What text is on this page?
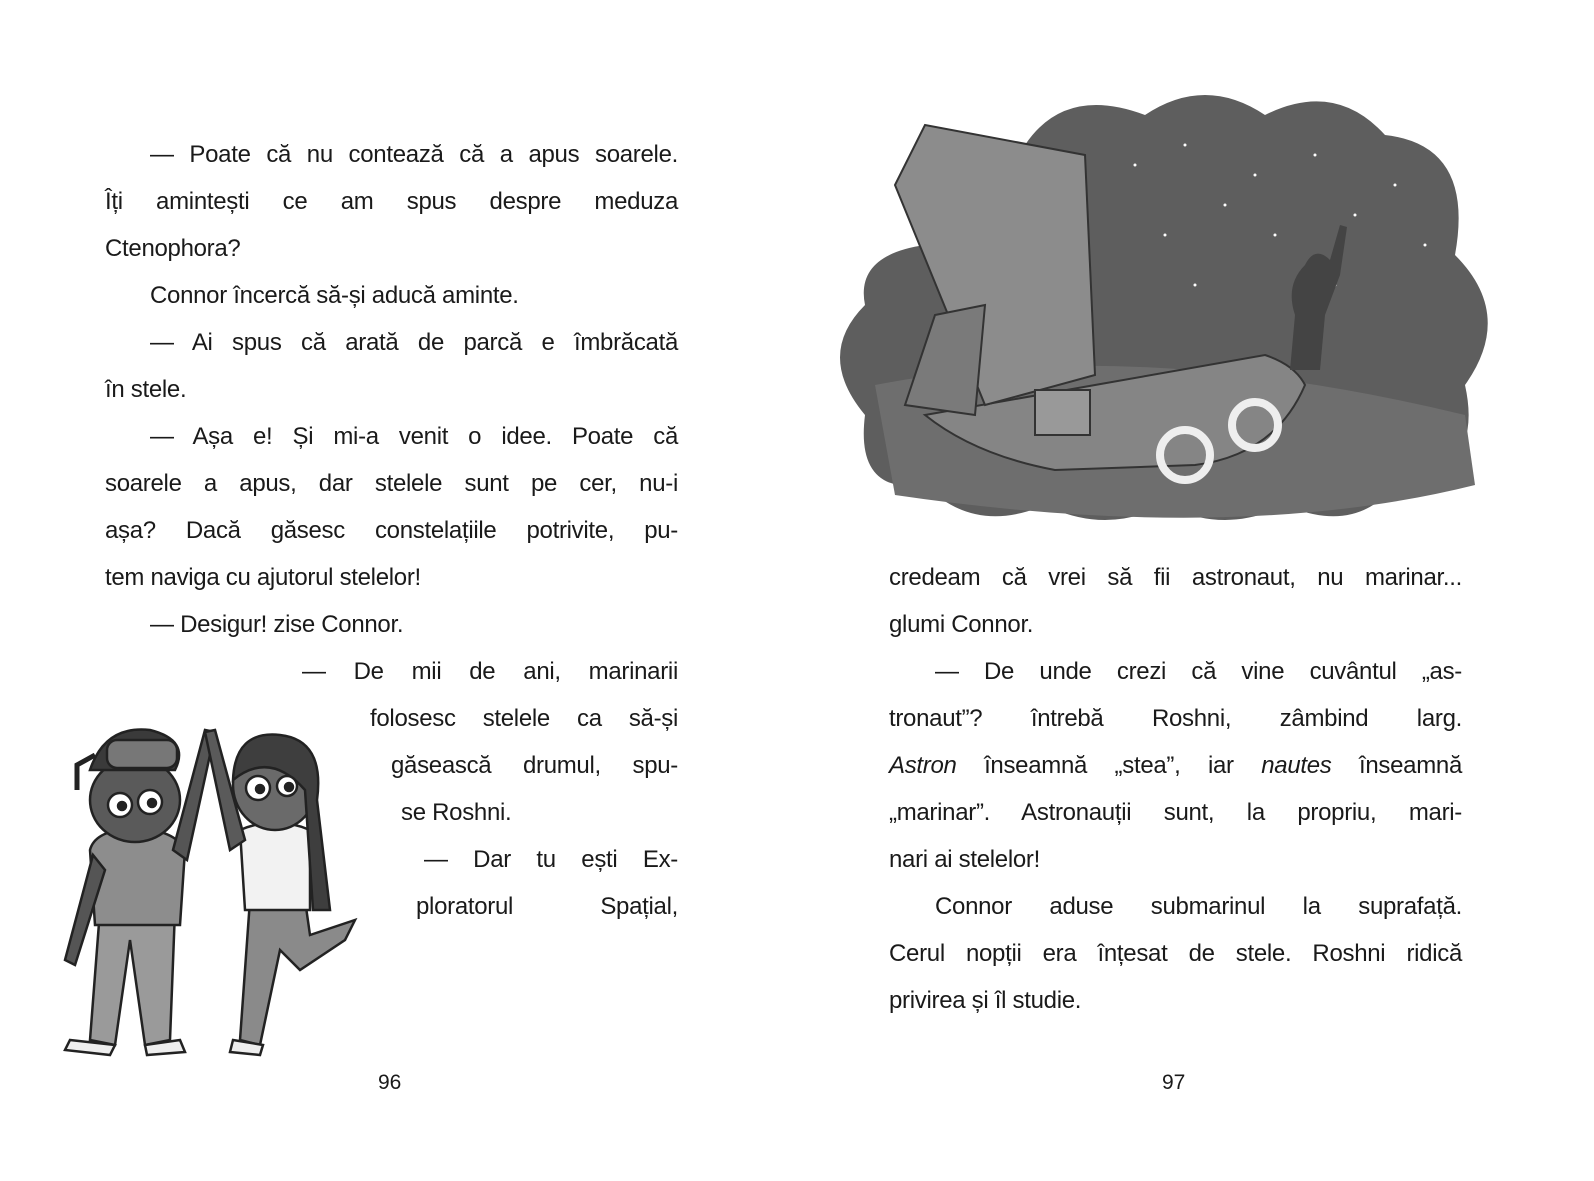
— Poate că nu contează că a apus soarele.
Îți amintești ce am spus despre meduza
Ctenophora?
Connor încercă să-și aducă aminte.
— Ai spus că arată de parcă e îmbrăcată
în stele.
— Așa e! Și mi-a venit o idee. Poate că
soarele a apus, dar stelele sunt pe cer, nu-i
așa? Dacă găsesc constelațiile potrivite, pu-
tem naviga cu ajutorul stelelor!
— Desigur! zise Connor.
— De mii de ani, marinarii
folosesc stelele ca să-și
găsească drumul, spu-
se Roshni.
— Dar tu ești Ex-
ploratorul Spațial,
96
credeam că vrei să fii astronaut, nu marinar...
glumi Connor.
— De unde crezi că vine cuvântul „as-
tronaut”? întrebă Roshni, zâmbind larg.
Astron înseamnă „stea”, iar nautes înseamnă
„marinar”. Astronauții sunt, la propriu, mari-
nari ai stelelor!
Connor aduse submarinul la suprafață.
Cerul nopții era înțesat de stele. Roshni ridică
privirea și îl studie.
97
